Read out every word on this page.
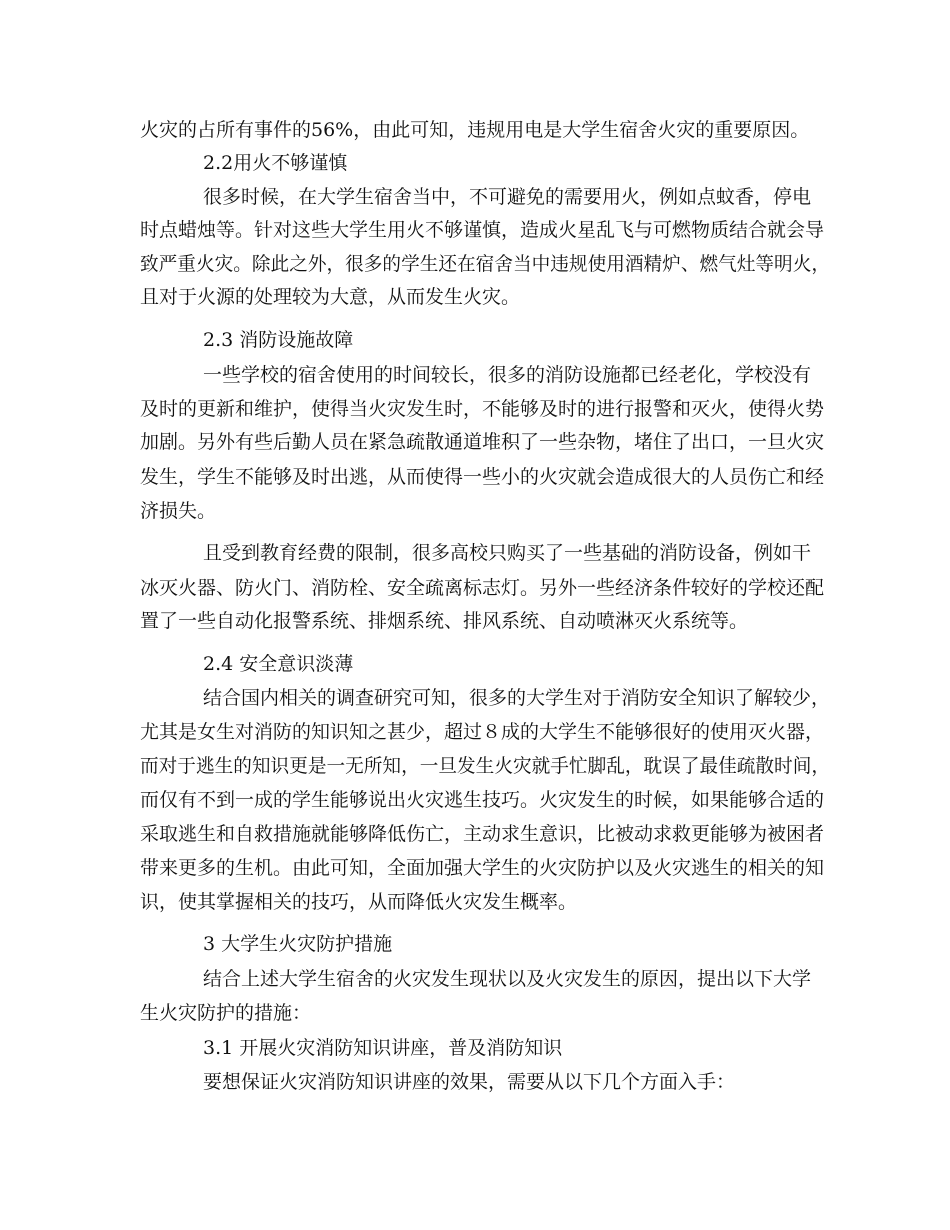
火灾的占所有事件的56%，由此可知，违规用电是大学生宿舍火灾的重要原因。
2.2用火不够谨慎
很多时候，在大学生宿舍当中，不可避免的需要用火，例如点蚊香，停电
时点蜡烛等。针对这些大学生用火不够谨慎，造成火星乱飞与可燃物质结合就会导
致严重火灾。除此之外，很多的学生还在宿舍当中违规使用酒精炉、燃气灶等明火，
且对于火源的处理较为大意，从而发生火灾。
2.3 消防设施故障
一些学校的宿舍使用的时间较长，很多的消防设施都已经老化，学校没有
及时的更新和维护，使得当火灾发生时，不能够及时的进行报警和灭火，使得火势
加剧。另外有些后勤人员在紧急疏散通道堆积了一些杂物，堵住了出口，一旦火灾
发生，学生不能够及时出逃，从而使得一些小的火灾就会造成很大的人员伤亡和经
济损失。
且受到教育经费的限制，很多高校只购买了一些基础的消防设备，例如干
冰灭火器、防火门、消防栓、安全疏离标志灯。另外一些经济条件较好的学校还配
置了一些自动化报警系统、排烟系统、排风系统、自动喷淋灭火系统等。
2.4 安全意识淡薄
结合国内相关的调查研究可知，很多的大学生对于消防安全知识了解较少，
尤其是女生对消防的知识知之甚少，超过８成的大学生不能够很好的使用灭火器，
而对于逃生的知识更是一无所知，一旦发生火灾就手忙脚乱，耽误了最佳疏散时间，
而仅有不到一成的学生能够说出火灾逃生技巧。火灾发生的时候，如果能够合适的
采取逃生和自救措施就能够降低伤亡，主动求生意识，比被动求救更能够为被困者
带来更多的生机。由此可知，全面加强大学生的火灾防护以及火灾逃生的相关的知
识，使其掌握相关的技巧，从而降低火灾发生概率。
3 大学生火灾防护措施
结合上述大学生宿舍的火灾发生现状以及火灾发生的原因，提出以下大学
生火灾防护的措施：
3.1 开展火灾消防知识讲座，普及消防知识
要想保证火灾消防知识讲座的效果，需要从以下几个方面入手：
